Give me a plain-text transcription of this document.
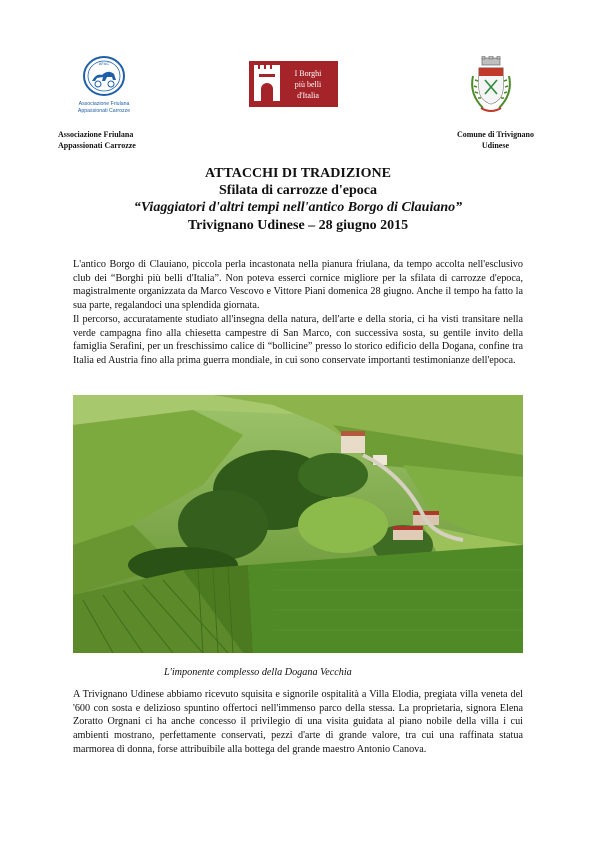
AFAC
Associazione Friulana
Appassionati Carrozze
I Borghi
più belli
d'Italia
Associazione Friulana
Appassionati Carrozze
Comune di Trivignano
Udinese
ATTACCHI DI TRADIZIONE
Sfilata di carrozze d'epoca
“Viaggiatori d'altri tempi nell'antico Borgo di Clauiano”
Trivignano Udinese – 28 giugno 2015

L'antico Borgo di Clauiano, piccola perla incastonata nella pianura friulana, da tempo accolta nell'esclusivo club dei “Borghi più belli d'Italia”. Non poteva esserci cornice migliore per la sfilata di carrozze d'epoca, magistralmente organizzata da Marco Vescovo e Vittore Piani domenica 28 giugno. Anche il tempo ha fatto la sua parte, regalandoci una splendida giornata.

Il percorso, accuratamente studiato all'insegna della natura, dell'arte e della storia, ci ha visti transitare nella verde campagna fino alla chiesetta campestre di San Marco, con successiva sosta, su gentile invito della famiglia Serafini, per un freschissimo calice di “bollicine” presso lo storico edificio della Dogana, confine tra Italia ed Austria fino alla prima guerra mondiale, in cui sono conservate importanti testimonianze dell'epoca.

L'imponente complesso della Dogana Vecchia

A Trivignano Udinese abbiamo ricevuto squisita e signorile ospitalità a Villa Elodia, pregiata villa veneta del '600 con sosta e delizioso spuntino offertoci nell'immenso parco della stessa. La proprietaria, signora Elena Zoratto Orgnani ci ha anche concesso il privilegio di una visita guidata al piano nobile della villa i cui ambienti mostrano, perfettamente conservati, pezzi d'arte di grande valore, tra cui una raffinata statua marmorea di donna, forse attribuibile alla bottega del grande maestro Antonio Canova.
